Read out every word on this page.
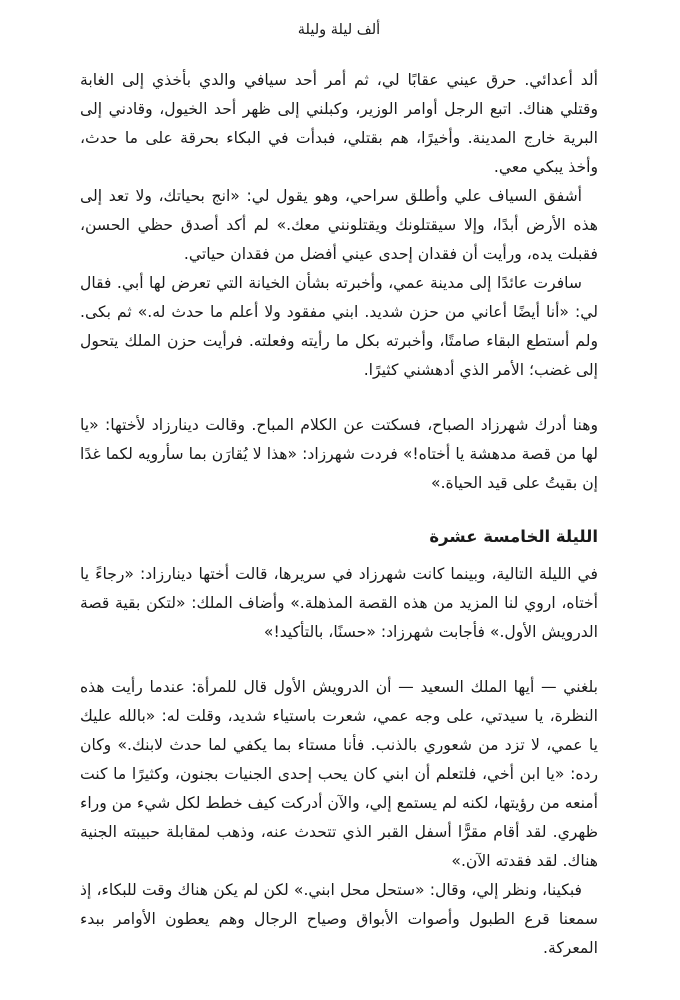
ألف ليلة وليلة

ألد أعدائي. حرق عيني عقابًا لي، ثم أمر أحد سيافي والدي بأخذي إلى الغابة وقتلي هناك. اتبع الرجل أوامر الوزير، وكبلني إلى ظهر أحد الخيول، وقادني إلى البرية خارج المدينة. وأخيرًا، هم بقتلي، فبدأت في البكاء بحرقة على ما حدث، وأخذ يبكي معي.

أشفق السياف علي وأطلق سراحي، وهو يقول لي: «انج بحياتك، ولا تعد إلى هذه الأرض أبدًا، وإلا سيقتلونك ويقتلونني معك.» لم أكد أصدق حظي الحسن، فقبلت يده، ورأيت أن فقدان إحدى عيني أفضل من فقدان حياتي.

سافرت عائدًا إلى مدينة عمي، وأخبرته بشأن الخيانة التي تعرض لها أبي. فقال لي: «أنا أيضًا أعاني من حزن شديد. ابني مفقود ولا أعلم ما حدث له.» ثم بكى. ولم أستطع البقاء صامتًا، وأخبرته بكل ما رأيته وفعلته. فرأيت حزن الملك يتحول إلى غضب؛ الأمر الذي أدهشني كثيرًا.

وهنا أدرك شهرزاد الصباح، فسكتت عن الكلام المباح. وقالت دينارزاد لأختها: «يا لها من قصة مدهشة يا أختاه!» فردت شهرزاد: «هذا لا يُقارَن بما سأرويه لكما غدًا إن بقيتُ على قيد الحياة.»

الليلة الخامسة عشرة

في الليلة التالية، وبينما كانت شهرزاد في سريرها، قالت أختها دينارزاد: «رجاءً يا أختاه، اروي لنا المزيد من هذه القصة المذهلة.» وأضاف الملك: «لتكن بقية قصة الدرويش الأول.» فأجابت شهرزاد: «حسنًا، بالتأكيد!»

بلغني — أيها الملك السعيد — أن الدرويش الأول قال للمرأة: عندما رأيت هذه النظرة، يا سيدتي، على وجه عمي، شعرت باستياء شديد، وقلت له: «بالله عليك يا عمي، لا تزد من شعوري بالذنب. فأنا مستاء بما يكفي لما حدث لابنك.» وكان رده: «يا ابن أخي، فلتعلم أن ابني كان يحب إحدى الجنيات بجنون، وكثيرًا ما كنت أمنعه من رؤيتها، لكنه لم يستمع إلي، والآن أدركت كيف خطط لكل شيء من وراء ظهري. لقد أقام مقرًّا أسفل القبر الذي تتحدث عنه، وذهب لمقابلة حبيبته الجنية هناك. لقد فقدته الآن.»

فبكينا، ونظر إلي، وقال: «ستحل محل ابني.» لكن لم يكن هناك وقت للبكاء، إذ سمعنا قرع الطبول وأصوات الأبواق وصياح الرجال وهم يعطون الأوامر ببدء المعركة.
